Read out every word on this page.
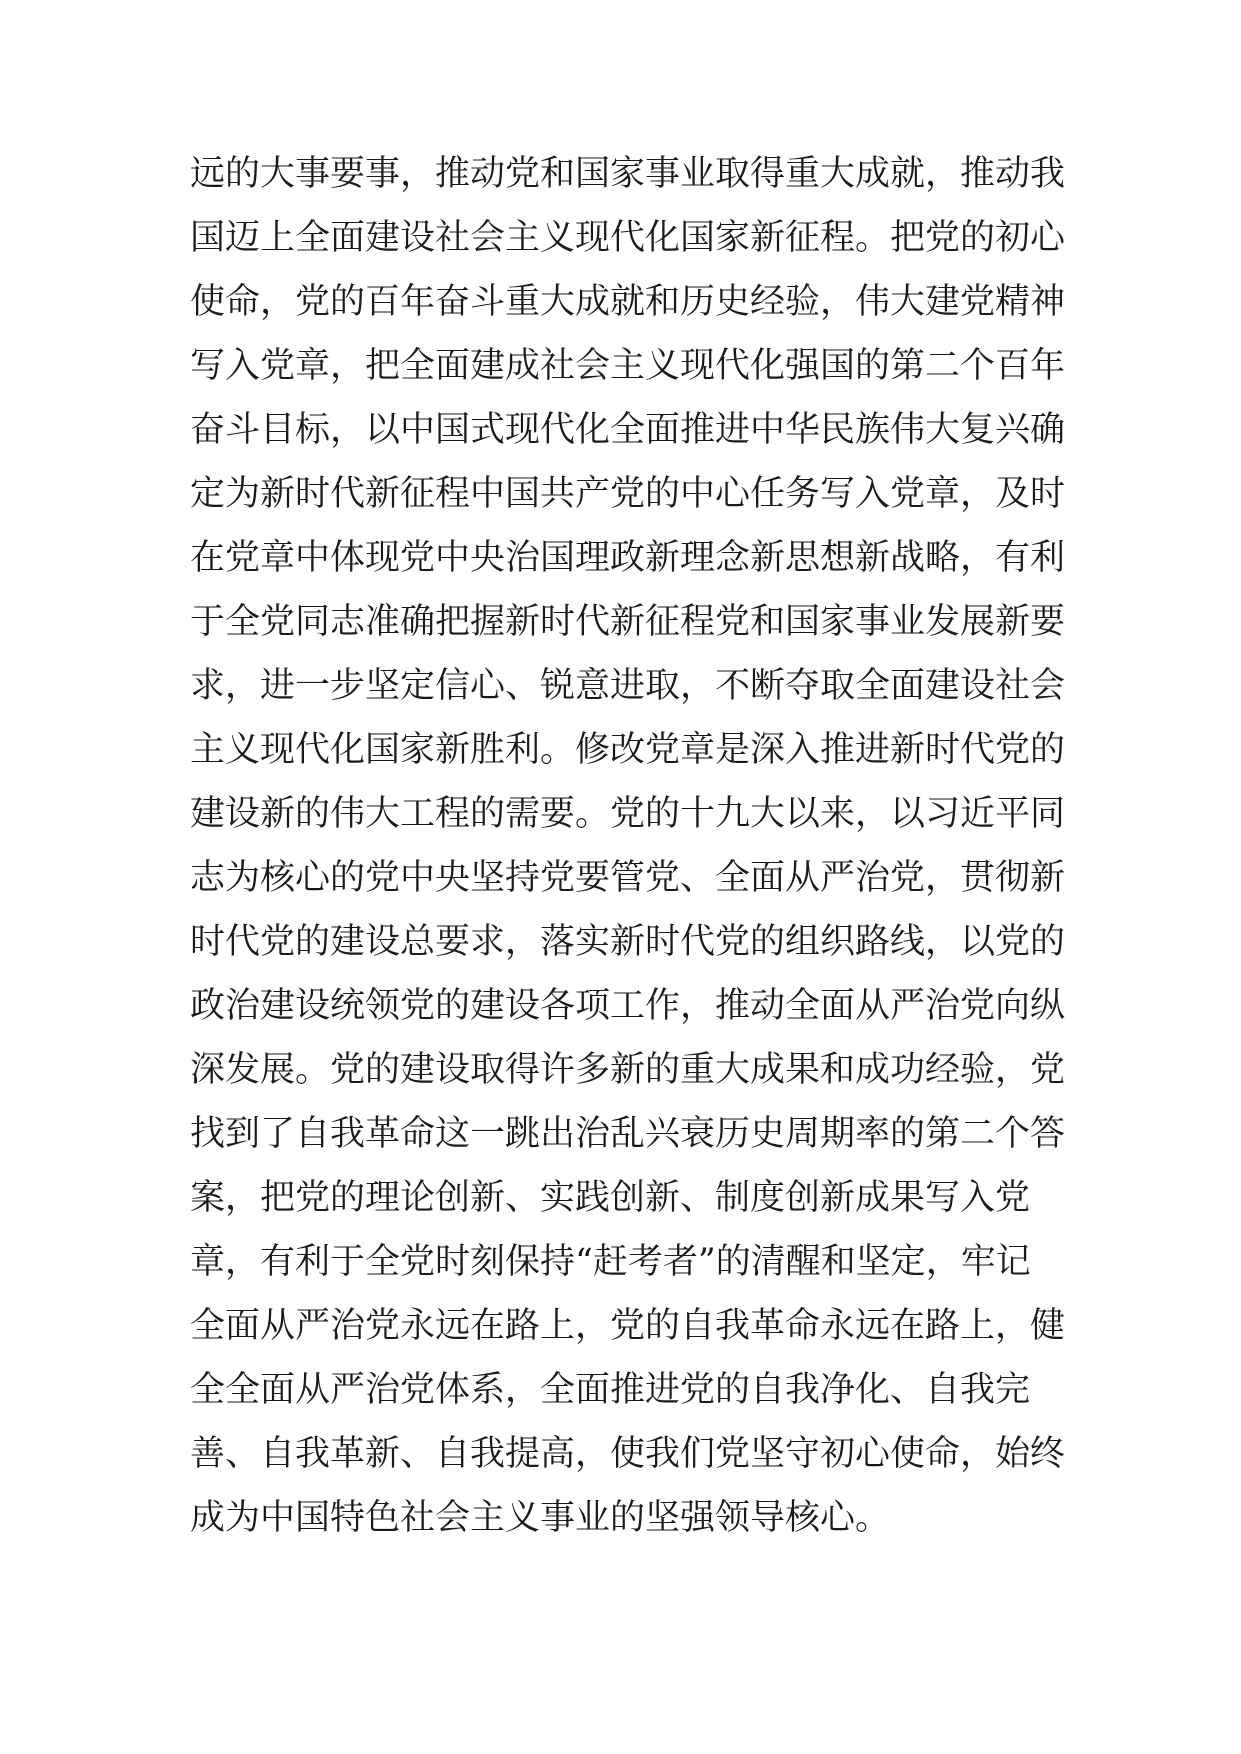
远的大事要事，推动党和国家事业取得重大成就，推动我
国迈上全面建设社会主义现代化国家新征程。把党的初心
使命，党的百年奋斗重大成就和历史经验，伟大建党精神
写入党章，把全面建成社会主义现代化强国的第二个百年
奋斗目标，以中国式现代化全面推进中华民族伟大复兴确
定为新时代新征程中国共产党的中心任务写入党章，及时
在党章中体现党中央治国理政新理念新思想新战略，有利
于全党同志准确把握新时代新征程党和国家事业发展新要
求，进一步坚定信心、锐意进取，不断夺取全面建设社会
主义现代化国家新胜利。修改党章是深入推进新时代党的
建设新的伟大工程的需要。党的十九大以来，以习近平同
志为核心的党中央坚持党要管党、全面从严治党，贯彻新
时代党的建设总要求，落实新时代党的组织路线，以党的
政治建设统领党的建设各项工作，推动全面从严治党向纵
深发展。党的建设取得许多新的重大成果和成功经验，党
找到了自我革命这一跳出治乱兴衰历史周期率的第二个答
案，把党的理论创新、实践创新、制度创新成果写入党
章，有利于全党时刻保持“赶考者”的清醒和坚定，牢记
全面从严治党永远在路上，党的自我革命永远在路上，健
全全面从严治党体系，全面推进党的自我净化、自我完
善、自我革新、自我提高，使我们党坚守初心使命，始终
成为中国特色社会主义事业的坚强领导核心。
